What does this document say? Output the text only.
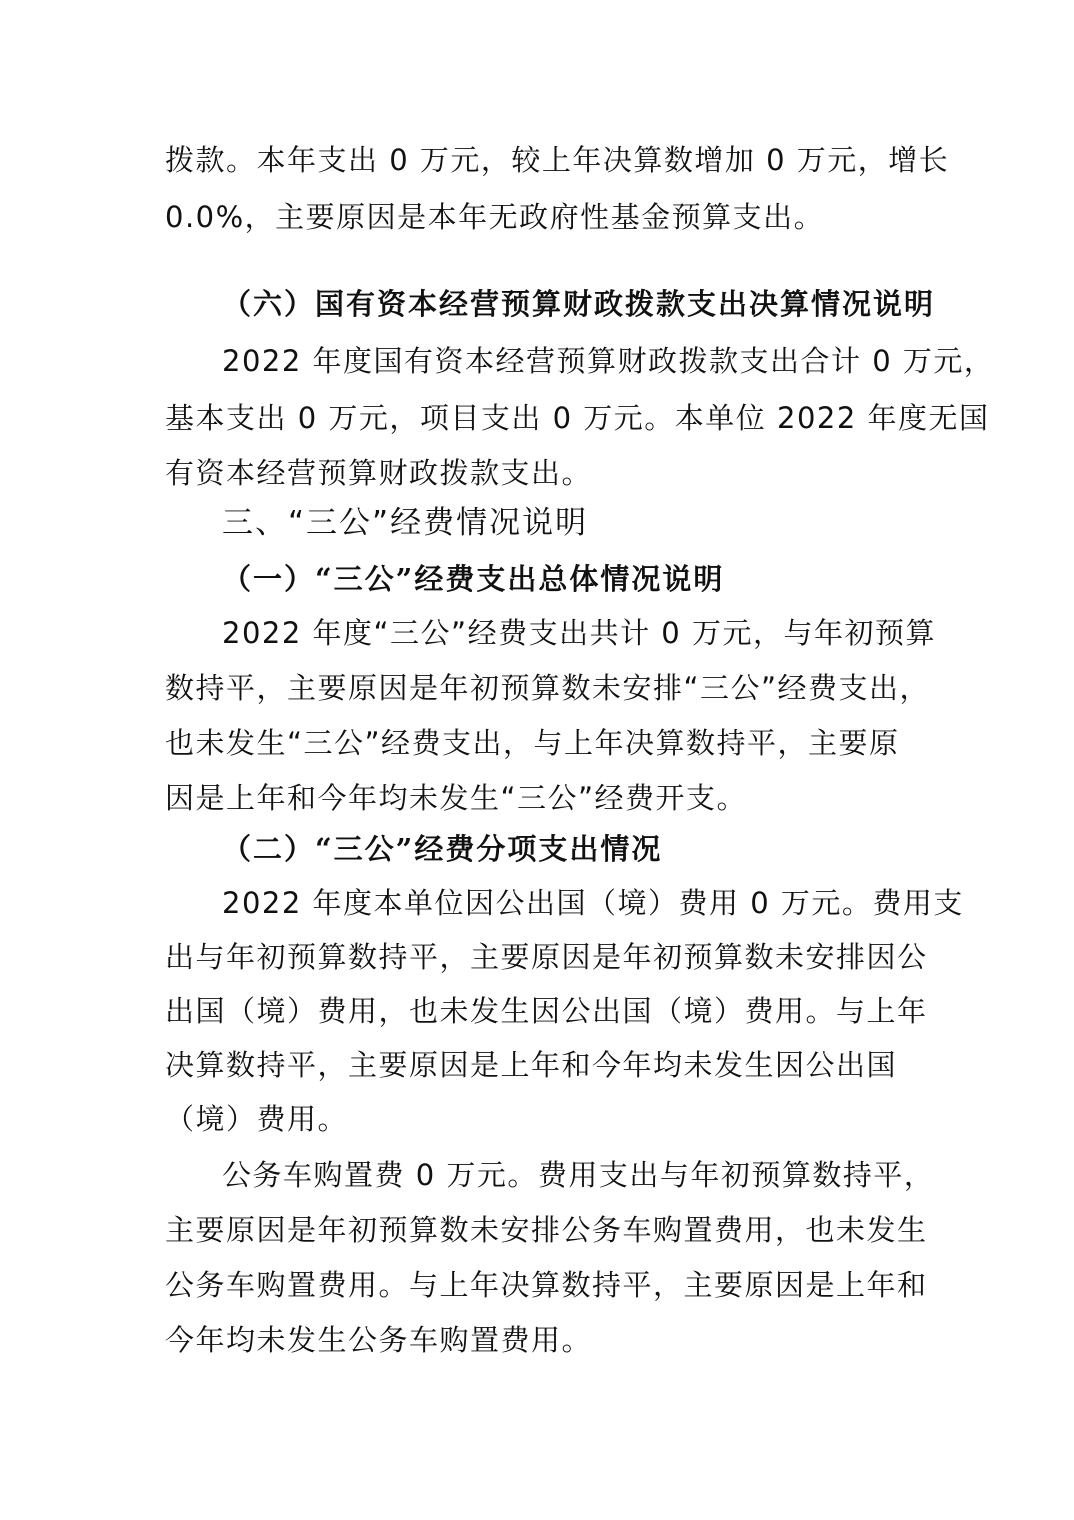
拨款。本年支出 0 万元，较上年决算数增加 0 万元，增长
0.0%，主要原因是本年无政府性基金预算支出。
（六）国有资本经营预算财政拨款支出决算情况说明
2022 年度国有资本经营预算财政拨款支出合计 0 万元，
基本支出 0 万元，项目支出 0 万元。本单位 2022 年度无国
有资本经营预算财政拨款支出。
三、“三公”经费情况说明
（一）“三公”经费支出总体情况说明
2022 年度“三公”经费支出共计 0 万元，与年初预算
数持平，主要原因是年初预算数未安排“三公”经费支出，
也未发生“三公”经费支出，与上年决算数持平，主要原
因是上年和今年均未发生“三公”经费开支。
（二）“三公”经费分项支出情况
2022 年度本单位因公出国（境）费用 0 万元。费用支
出与年初预算数持平，主要原因是年初预算数未安排因公
出国（境）费用，也未发生因公出国（境）费用。与上年
决算数持平，主要原因是上年和今年均未发生因公出国
（境）费用。
公务车购置费 0 万元。费用支出与年初预算数持平，
主要原因是年初预算数未安排公务车购置费用，也未发生
公务车购置费用。与上年决算数持平，主要原因是上年和
今年均未发生公务车购置费用。
